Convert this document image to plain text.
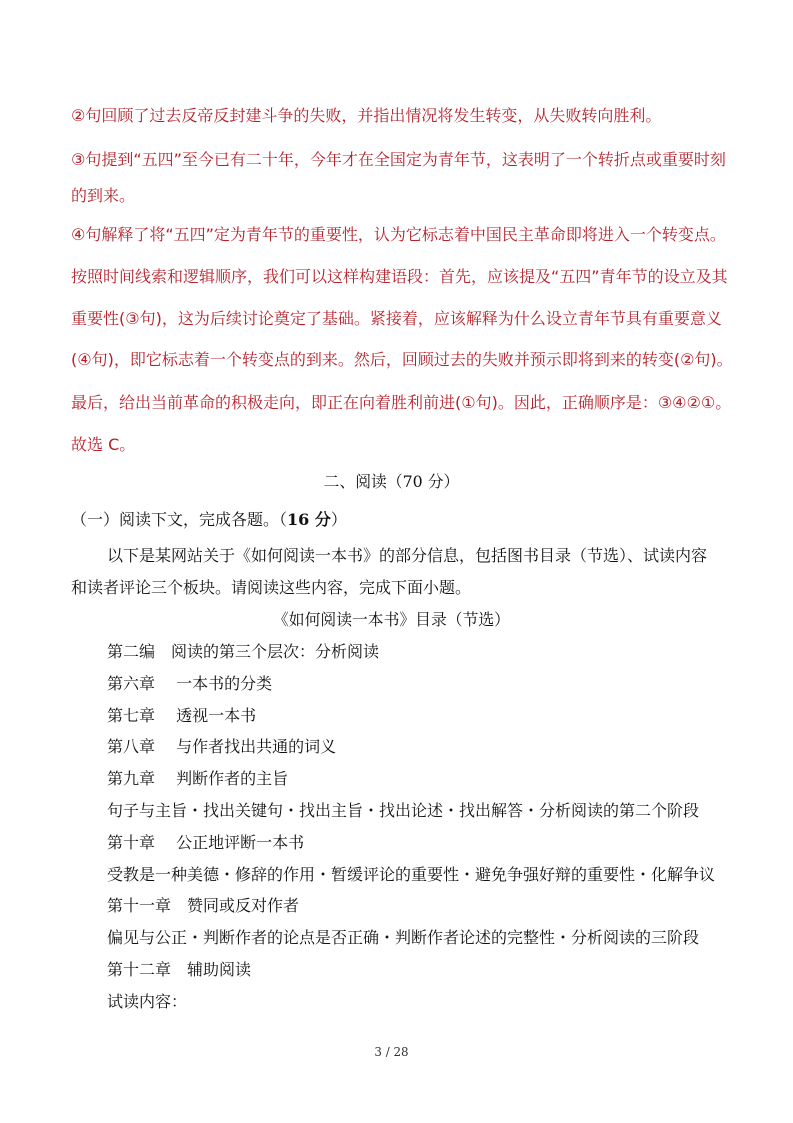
②句回顾了过去反帝反封建斗争的失败，并指出情况将发生转变，从失败转向胜利。
③句提到“五四”至今已有二十年，今年才在全国定为青年节，这表明了一个转折点或重要时刻
的到来。
④句解释了将“五四”定为青年节的重要性，认为它标志着中国民主革命即将进入一个转变点。
按照时间线索和逻辑顺序，我们可以这样构建语段：首先，应该提及“五四”青年节的设立及其
重要性(③句)，这为后续讨论奠定了基础。紧接着，应该解释为什么设立青年节具有重要意义
(④句)，即它标志着一个转变点的到来。然后，回顾过去的失败并预示即将到来的转变(②句)。
最后，给出当前革命的积极走向，即正在向着胜利前进(①句)。因此，正确顺序是：③④②①。
故选 C。
二、阅读（70 分）
（一）阅读下文，完成各题。（16 分）
以下是某网站关于《如何阅读一本书》的部分信息，包括图书目录（节选）、试读内容
和读者评论三个板块。请阅读这些内容，完成下面小题。
《如何阅读一本书》目录（节选）
第二编　阅读的第三个层次：分析阅读
第六章　 一本书的分类
第七章　 透视一本书
第八章　 与作者找出共通的词义
第九章　 判断作者的主旨
句子与主旨・找出关键句・找出主旨・找出论述・找出解答・分析阅读的第二个阶段
第十章　 公正地评断一本书
受教是一种美德・修辞的作用・暂缓评论的重要性・避免争强好辩的重要性・化解争议
第十一章　赞同或反对作者
偏见与公正・判断作者的论点是否正确・判断作者论述的完整性・分析阅读的三阶段
第十二章　辅助阅读
试读内容：
3 / 28
